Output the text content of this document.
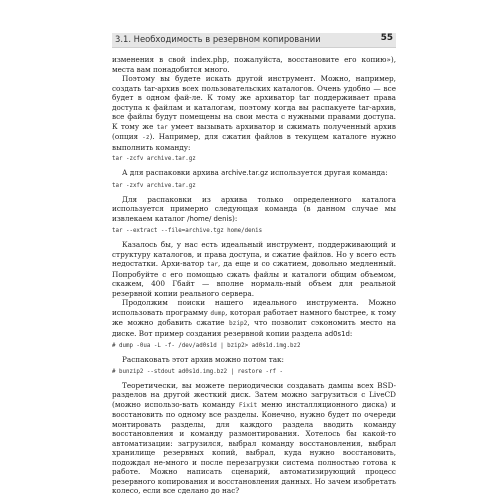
3.1. Необходимость в резервном копировании	55

изменения в свой index.php, пожалуйста, восстановите его копию»), места вам понадобится много.

Поэтому вы будете искать другой инструмент. Можно, например, создать tar-архив всех пользовательских каталогов. Очень удобно — все будет в одном фай-ле. К тому же архиватор tar поддерживает права доступа к файлам и каталогам, поэтому когда вы распакуете tar-архив, все файлы будут помещены на свои места с нужными правами доступа. К тому же tar умеет вызывать архиватор и сжимать полученный архив (опция -z). Например, для сжатия файлов в текущем каталоге нужно выполнить команду:

tar -zcfv archive.tar.gz

А для распаковки архива archive.tar.gz используется другая команда:

tar -zxfv archive.tar.gz

Для распаковки из архива только определенного каталога используется примерно следующая команда (в данном случае мы извлекаем каталог /home/ denis):

tar --extract --file=archive.tgz home/denis

Казалось бы, у нас есть идеальный инструмент, поддерживающий и структуру каталогов, и права доступа, и сжатие файлов. Но у всего есть недостатки. Архи-ватор tar, да еще и со сжатием, довольно медленный. Попробуйте с его помощью сжать файлы и каталоги общим объемом, скажем, 400 Гбайт — вполне нормаль-ный объем для реальной резервной копии реального сервера.

Продолжим поиски нашего идеального инструмента. Можно использовать программу dump, которая работает намного быстрее, к тому же можно добавить сжатие bzip2, что позволит сэкономить место на диске. Вот пример создания резервной копии раздела ad0s1d:

# dump -0ua -L -f- /dev/ad0s1d | bzip2> ad0s1d.img.bz2

Распаковать этот архив можно потом так:

# bunzip2 --stdout ad0s1d.img.bz2 | restore -rf -

Теоретически, вы можете периодически создавать дампы всех BSD-разделов на другой жесткий диск. Затем можно загрузиться с LiveCD (можно использо-вать команду Fixit меню инсталляционного диска) и восстановить по одному все разделы. Конечно, нужно будет по очереди монтировать разделы, для каждого раздела вводить команду восстановления и команду размонтирования. Хотелось бы какой-то автоматизации: загрузился, выбрал команду восстановления, выбрал хранилище резервных копий, выбрал, куда нужно восстановить, подождал не-много и после перезагрузки система полностью готова к работе. Можно написать сценарий, автоматизирующий процесс резервного копирования и восстановления данных. Но зачем изобретать колесо, если все сделано до нас?
